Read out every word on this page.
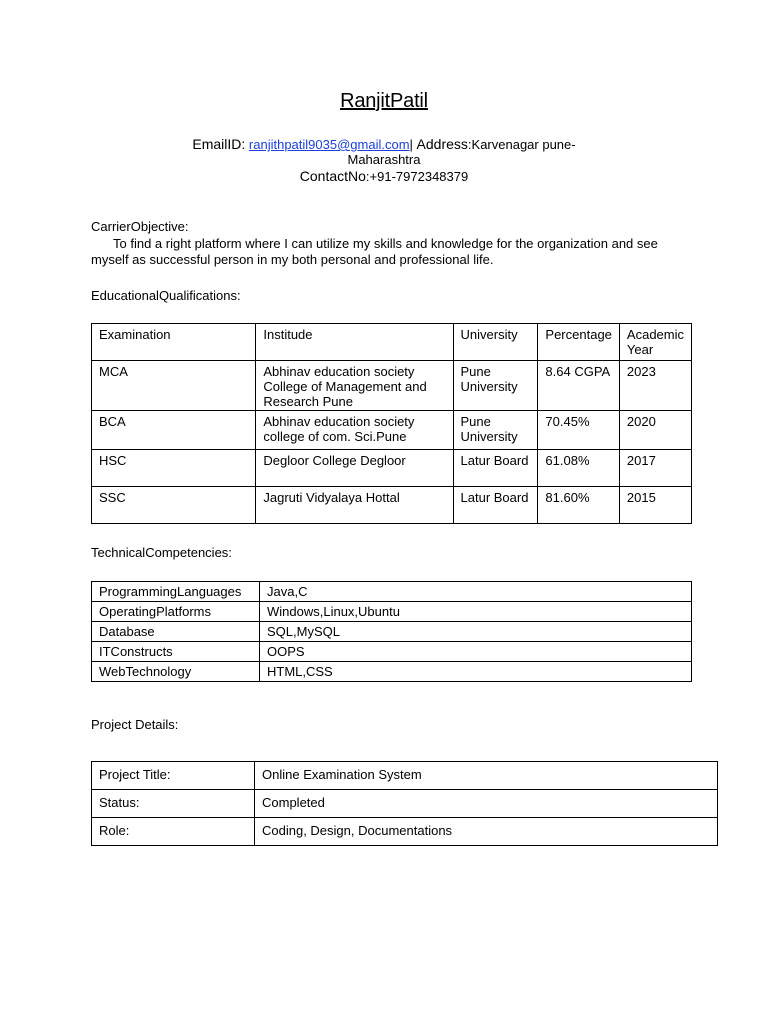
RanjitPatil
EmailID: ranjithpatil9035@gmail.com| Address:Karvenagar pune-
Maharashtra
ContactNo:+91-7972348379
CarrierObjective:
To find a right platform where I can utilize my skills and knowledge for the organization and see myself as successful person in my both personal and professional life.
EducationalQualifications:
Examination	Institude	University	Percentage	Academic Year
MCA	Abhinav education society College of Management and Research Pune	Pune University	8.64 CGPA	2023
BCA	Abhinav education society college of com. Sci.Pune	Pune University	70.45%	2020
HSC	Degloor College Degloor	Latur Board	61.08%	2017
SSC	Jagruti Vidyalaya Hottal	Latur Board	81.60%	2015
TechnicalCompetencies:
ProgrammingLanguages	Java,C
OperatingPlatforms	Windows,Linux,Ubuntu
Database	SQL,MySQL
ITConstructs	OOPS
WebTechnology	HTML,CSS
Project Details:
Project Title:	Online Examination System
Status:	Completed
Role:	Coding, Design, Documentations
